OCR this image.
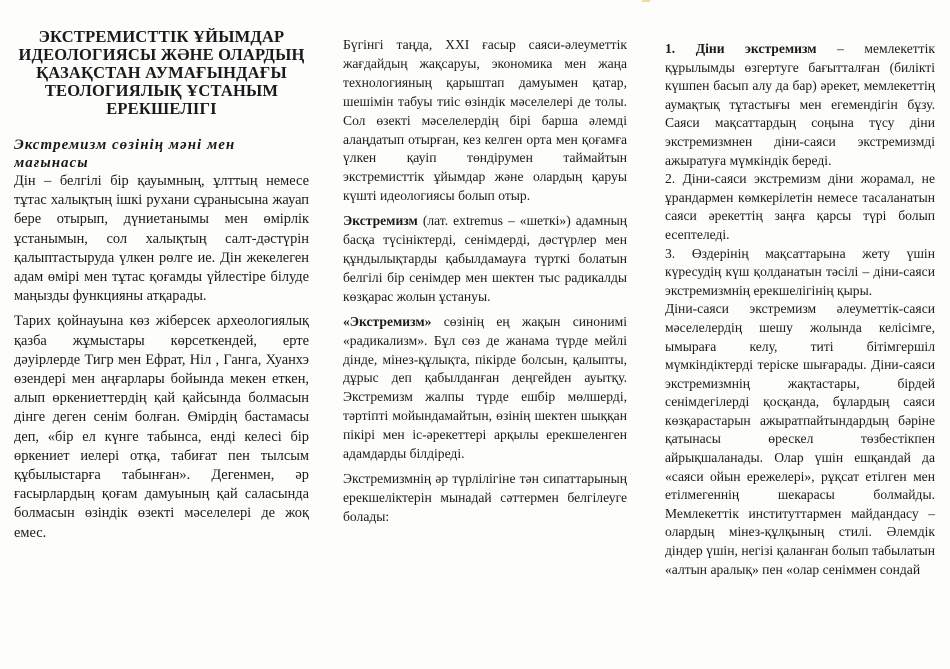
ЭКСТРЕМИСТТІК ҰЙЫМДАР ИДЕОЛОГИЯСЫ ЖӘНЕ ОЛАРДЫҢ ҚАЗАҚСТАН АУМАҒЫНДАҒЫ ТЕОЛОГИЯЛЫҚ ҰСТАНЫМ ЕРЕКШЕЛІГІ

Экстремизм сөзінің мәні мен мағынасы

Дін – белгілі бір қауымның, ұлттың немесе тұтас халықтың ішкі рухани сұранысына жауап бере отырып, дүниетанымы мен өмірлік ұстанымын, сол халықтың салт-дәстүрін қалыптастыруда үлкен рөлге ие. Дін жекелеген адам өмірі мен тұтас қоғамды үйлестіре білуде маңызды функцияны атқарады.

Тарих қойнауына көз жіберсек археологиялық қазба жұмыстары көрсеткендей, ерте дәуірлерде Тигр мен Ефрат, Ніл , Ганга, Хуанхэ өзендері мен аңғарлары бойында мекен еткен, алып өркениеттердің қай қайсында болмасын дінге деген сенім болған. Өмірдің бастамасы деп, «бір ел күнге табынса, енді келесі бір өркениет иелері отқа, табиғат пен тылсым құбылыстарға табынған». Дегенмен, әр ғасырлардың қоғам дамуының қай саласында болмасын өзіндік өзекті мәселелері де жоқ емес.

Бүгінгі таңда, XXI ғасыр саяси-әлеуметтік жағдайдың жақсаруы, экономика мен жаңа технологияның қарыштап дамуымен қатар, шешімін табуы тиіс өзіндік мәселелері де толы. Сол өзекті мәселелердің бірі барша әлемді алаңдатып отырған, кез келген орта мен қоғамға үлкен қауіп төндірумен таймайтын экстремисттік ұйымдар және олардың қаруы күшті идеологиясы болып отыр.

Экстремизм (лат. extremus – «шеткі») адамның басқа түсініктерді, сенімдерді, дәстүрлер мен құндылықтарды қабылдамауға түрткі болатын белгілі бір сенімдер мен шектен тыс радикалды көзқарас жолын ұстануы.

«Экстремизм» сөзінің ең жақын синонимі «радикализм». Бұл сөз де жанама түрде мейлі дінде, мінез-құлықта, пікірде болсын, қалыпты, дұрыс деп қабылданған деңгейден ауытқу. Экстремизм жалпы түрде ешбір мөлшерді, тәртіпті мойындамайтын, өзінің шектен шыққан пікірі мен іс-әрекеттері арқылы ерекшеленген адамдарды білдіреді.

Экстремизмнің әр түрлілігіне тән сипаттарының ерекшеліктерін мынадай сәттермен белгілеуге болады:

1. Діни экстремизм – мемлекеттік құрылымды өзгертуге бағытталған (биліктi күшпен басып алу да бар) әрекет, мемлекеттің аумақтық тұтастығы мен егемендігін бұзу. Саяси мақсаттардың соңына түсу діни экстремизмнен діни-саяси экстремизмді ажыратуға мүмкіндік береді.

2. Діни-саяси экстремизм діни жорамал, не ұрандармен көмкерілетін немесе тасаланатын саяси әрекеттің заңға қарсы түрі болып есептеледі.

3. Өздерінің мақсаттарына жету үшін күресудің күш қолданатын тәсілі – діни-саяси экстремизмнің ерекшелігінің қыры.

Діни-саяси экстремизм әлеуметтік-саяси мәселелердің шешу жолында келісімге, ымыраға келу, титі бітімгершіл мүмкіндіктерді теріске шығарады. Діни-саяси экстремизмнің жақтастары, бірдей сенімдегілерді қосқанда, бұлардың саяси көзқарастарын ажыратпайтындардың бәріне қатынасы өрескел төзбестікпен айрықшаланады. Олар үшін ешқандай да «саяси ойын ережелері», рұқсат етілген мен етілмегеннің шекарасы болмайды. Мемлекеттік институттармен майдандасу – олардың мінез-құлқының стилі. Әлемдік діндер үшін, негізі қаланған болып табылатын «алтын аралық» пен «олар сеніммен сондай
